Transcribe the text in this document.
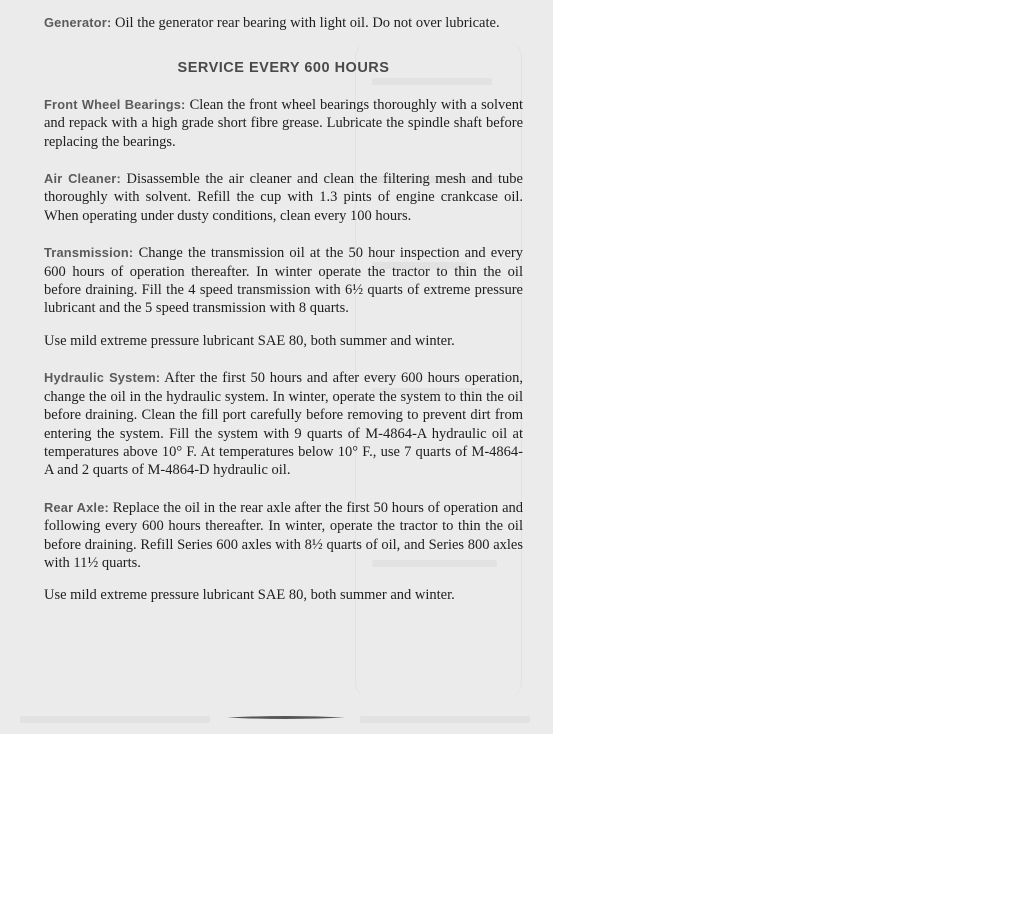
Generator: Oil the generator rear bearing with light oil. Do not over lubricate.

SERVICE EVERY 600 HOURS

Front Wheel Bearings: Clean the front wheel bearings thoroughly with a solvent and repack with a high grade short fibre grease. Lubricate the spindle shaft before replacing the bearings.

Air Cleaner: Disassemble the air cleaner and clean the filtering mesh and tube thoroughly with solvent. Refill the cup with 1.3 pints of engine crankcase oil. When operating under dusty conditions, clean every 100 hours.

Transmission: Change the transmission oil at the 50 hour inspection and every 600 hours of operation thereafter. In winter operate the tractor to thin the oil before draining. Fill the 4 speed transmission with 6½ quarts of extreme pressure lubricant and the 5 speed transmission with 8 quarts.

Use mild extreme pressure lubricant SAE 80, both summer and winter.

Hydraulic System: After the first 50 hours and after every 600 hours operation, change the oil in the hydraulic system. In winter, operate the system to thin the oil before draining. Clean the fill port carefully before removing to prevent dirt from entering the system. Fill the system with 9 quarts of M-4864-A hydraulic oil at temperatures above 10° F. At temperatures below 10° F., use 7 quarts of M-4864-A and 2 quarts of M-4864-D hydraulic oil.

Rear Axle: Replace the oil in the rear axle after the first 50 hours of operation and following every 600 hours thereafter. In winter, operate the tractor to thin the oil before draining. Refill Series 600 axles with 8½ quarts of oil, and Series 800 axles with 11½ quarts.

Use mild extreme pressure lubricant SAE 80, both summer and winter.
